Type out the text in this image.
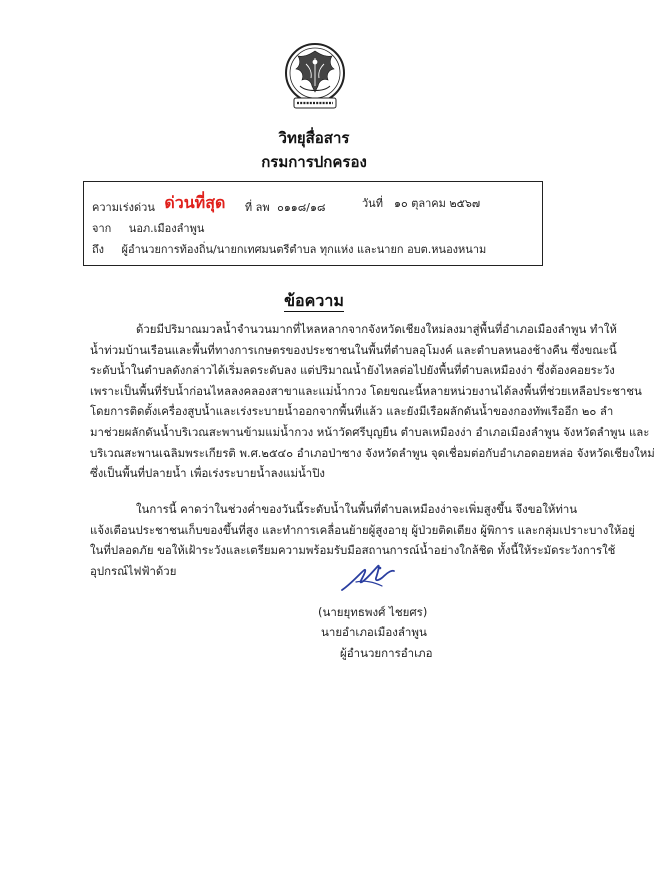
วิทยุสื่อสาร
กรมการปกครอง
ความเร่งด่วน ด่วนที่สุด ที่ ลพ ๐๑๑๘/๑๘	วันที่ ๑๐ ตุลาคม ๒๕๖๗
จาก นอภ.เมืองลำพูน
ถึง ผู้อำนวยการท้องถิ่น/นายกเทศมนตรีตำบล ทุกแห่ง และนายก อบต.หนองหนาม
ข้อความ
ด้วยมีปริมาณมวลน้ำจำนวนมากที่ไหลหลากจากจังหวัดเชียงใหม่ลงมาสู่พื้นที่อำเภอเมืองลำพูน ทำให้
น้ำท่วมบ้านเรือนและพื้นที่ทางการเกษตรของประชาชนในพื้นที่ตำบลอุโมงค์ และตำบลหนองช้างคืน ซึ่งขณะนี้
ระดับน้ำในตำบลดังกล่าวได้เริ่มลดระดับลง แต่ปริมาณน้ำยังไหลต่อไปยังพื้นที่ตำบลเหมืองง่า ซึ่งต้องคอยระวัง
เพราะเป็นพื้นที่รับน้ำก่อนไหลลงคลองสาขาและแม่น้ำกวง โดยขณะนี้หลายหน่วยงานได้ลงพื้นที่ช่วยเหลือประชาชน
โดยการติดตั้งเครื่องสูบน้ำและเร่งระบายน้ำออกจากพื้นที่แล้ว และยังมีเรือผลักดันน้ำของกองทัพเรืออีก ๒๐ ลำ
มาช่วยผลักดันน้ำบริเวณสะพานข้ามแม่น้ำกวง หน้าวัดศรีบุญยืน ตำบลเหมืองง่า อำเภอเมืองลำพูน จังหวัดลำพูน และ
บริเวณสะพานเฉลิมพระเกียรติ พ.ศ.๒๕๔๐ อำเภอป่าซาง จังหวัดลำพูน จุดเชื่อมต่อกับอำเภอดอยหล่อ จังหวัดเชียงใหม่
ซึ่งเป็นพื้นที่ปลายน้ำ เพื่อเร่งระบายน้ำลงแม่น้ำปิง
ในการนี้ คาดว่าในช่วงค่ำของวันนี้ระดับน้ำในพื้นที่ตำบลเหมืองง่าจะเพิ่มสูงขึ้น จึงขอให้ท่าน
แจ้งเตือนประชาชนเก็บของขึ้นที่สูง และทำการเคลื่อนย้ายผู้สูงอายุ ผู้ป่วยติดเตียง ผู้พิการ และกลุ่มเปราะบางให้อยู่
ในที่ปลอดภัย ขอให้เฝ้าระวังและเตรียมความพร้อมรับมือสถานการณ์น้ำอย่างใกล้ชิด ทั้งนี้ให้ระมัดระวังการใช้
อุปกรณ์ไฟฟ้าด้วย
(นายยุทธพงศ์ ไชยศร)
นายอำเภอเมืองลำพูน
ผู้อำนวยการอำเภอ
